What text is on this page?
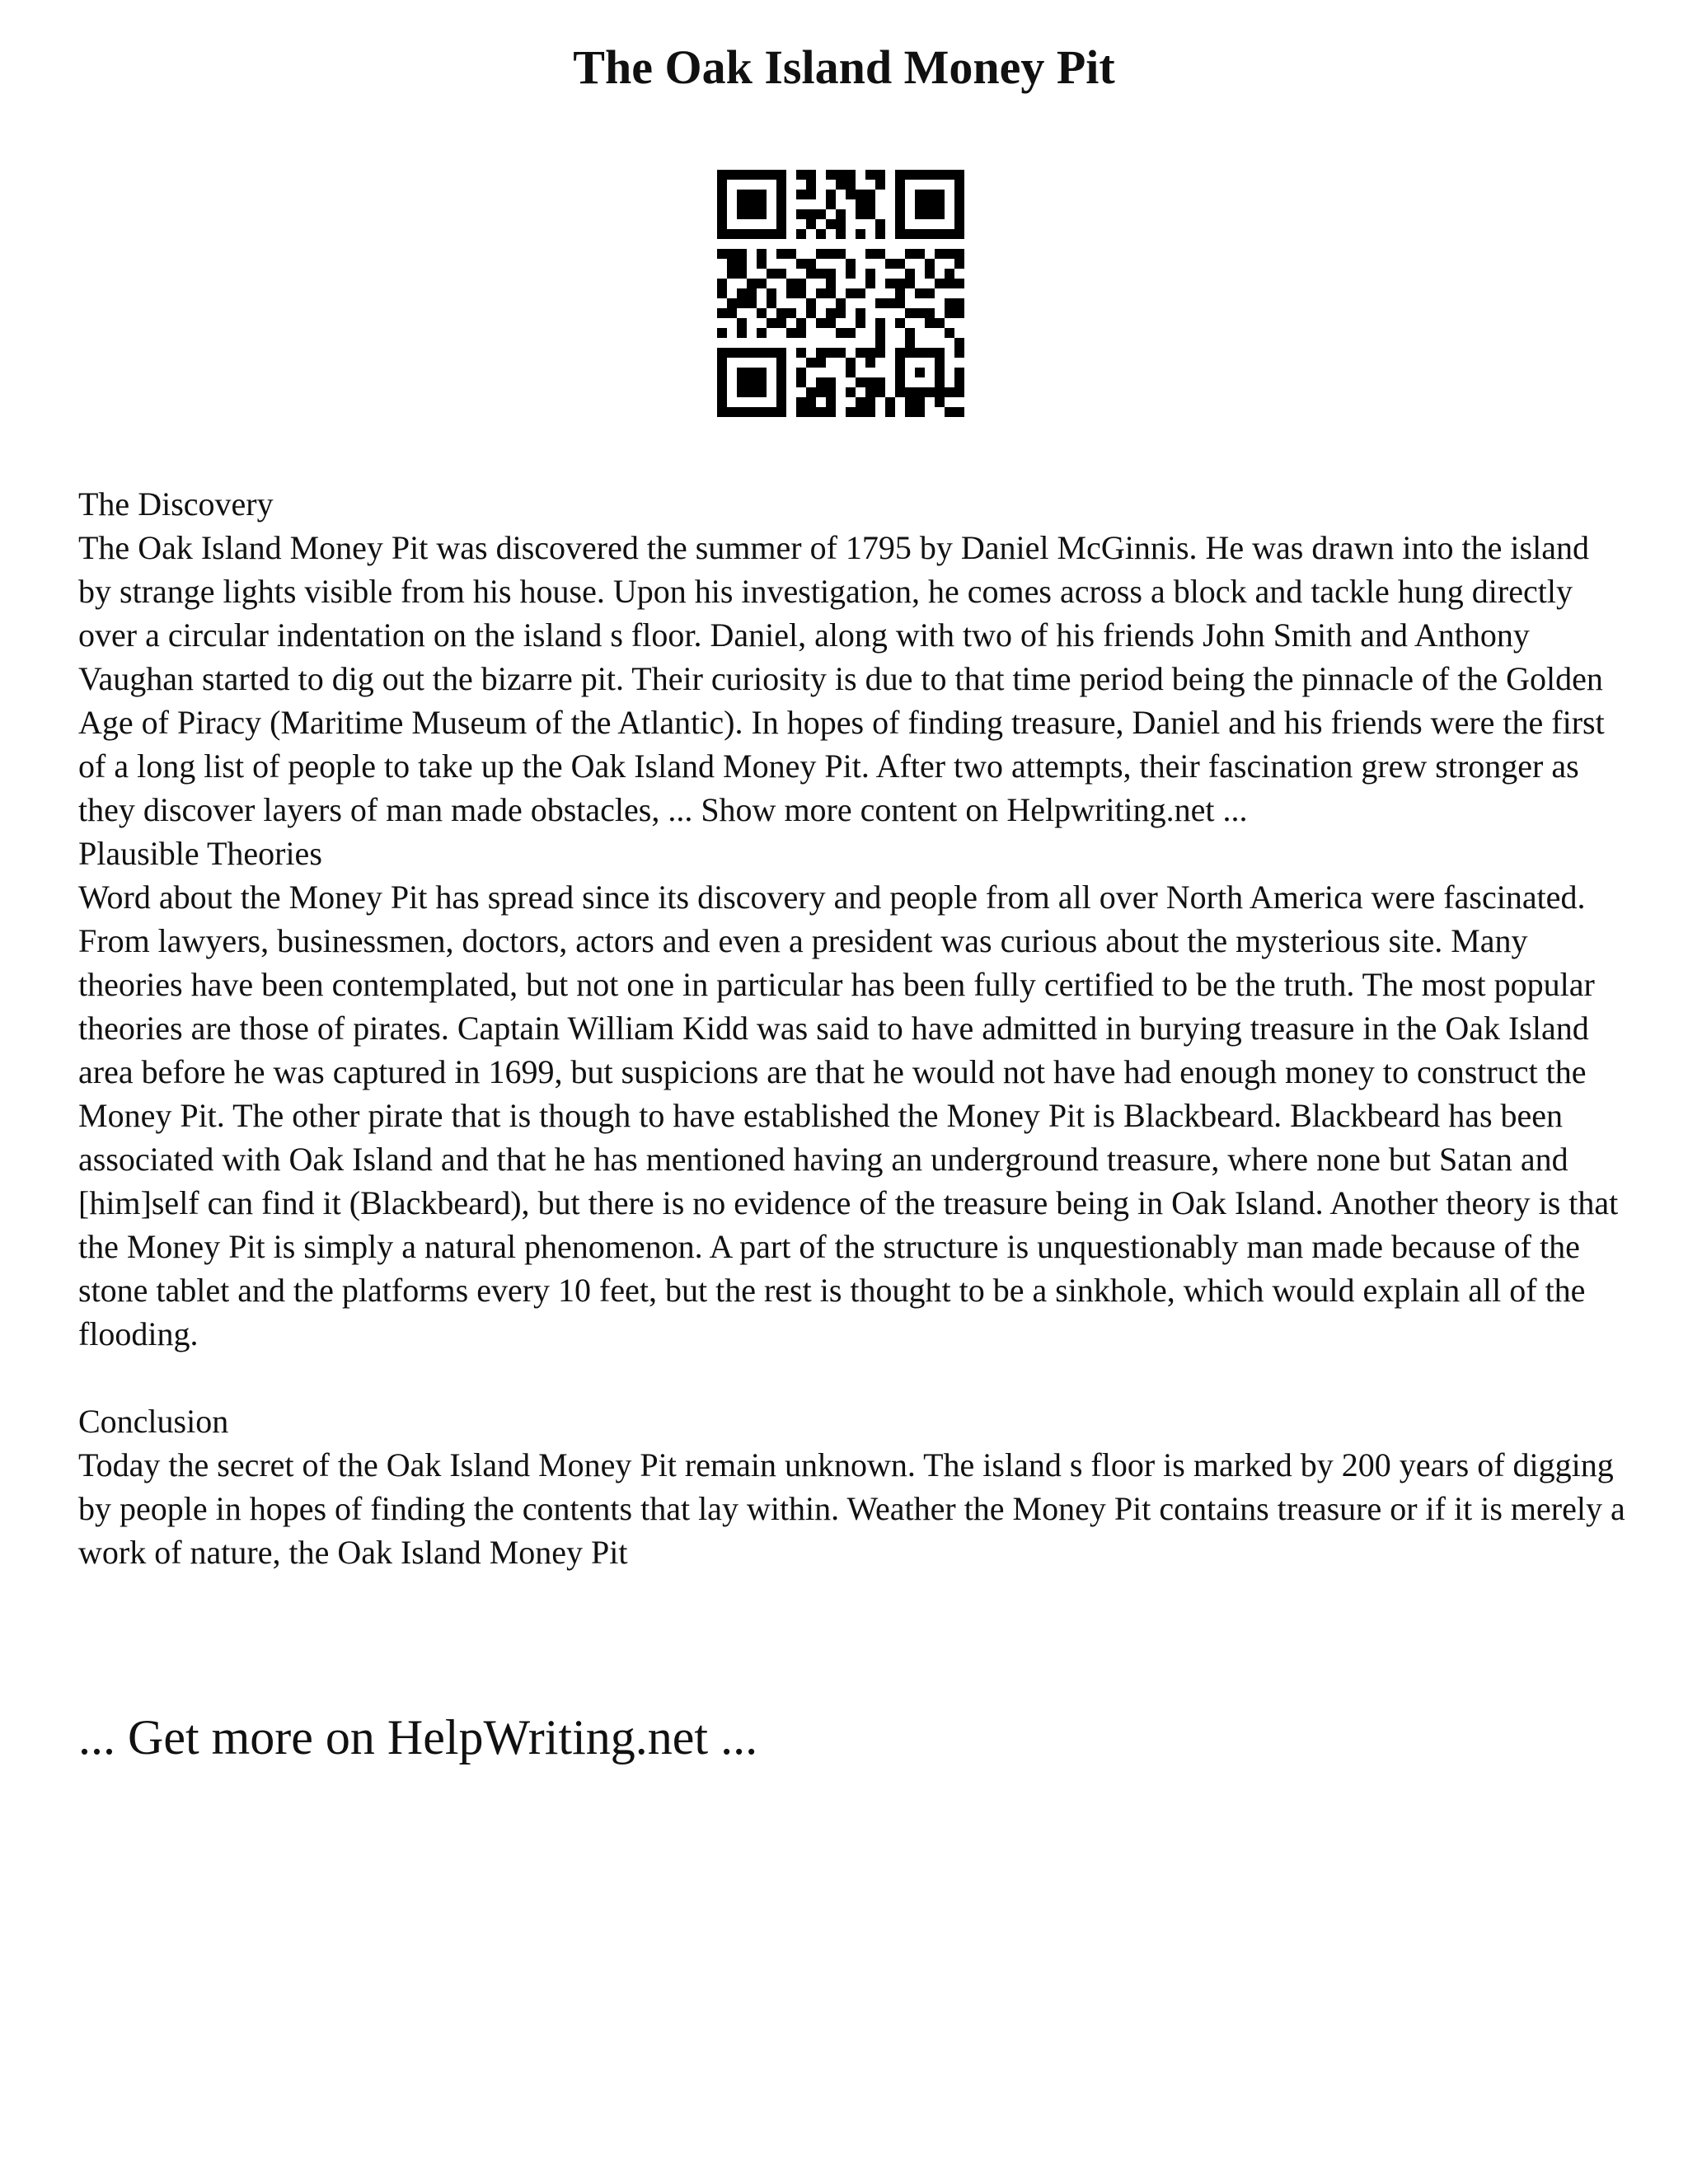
The Oak Island Money Pit

The Discovery

The Oak Island Money Pit was discovered the summer of 1795 by Daniel McGinnis. He was drawn into the island by strange lights visible from his house. Upon his investigation, he comes across a block and tackle hung directly over a circular indentation on the island s floor. Daniel, along with two of his friends John Smith and Anthony Vaughan started to dig out the bizarre pit. Their curiosity is due to that time period being the pinnacle of the Golden Age of Piracy (Maritime Museum of the Atlantic). In hopes of finding treasure, Daniel and his friends were the first of a long list of people to take up the Oak Island Money Pit. After two attempts, their fascination grew stronger as they discover layers of man made obstacles, ... Show more content on Helpwriting.net ...

Plausible Theories

Word about the Money Pit has spread since its discovery and people from all over North America were fascinated. From lawyers, businessmen, doctors, actors and even a president was curious about the mysterious site. Many theories have been contemplated, but not one in particular has been fully certified to be the truth. The most popular theories are those of pirates. Captain William Kidd was said to have admitted in burying treasure in the Oak Island area before he was captured in 1699, but suspicions are that he would not have had enough money to construct the Money Pit. The other pirate that is though to have established the Money Pit is Blackbeard. Blackbeard has been associated with Oak Island and that he has mentioned having an underground treasure, where none but Satan and [him]self can find it (Blackbeard), but there is no evidence of the treasure being in Oak Island. Another theory is that the Money Pit is simply a natural phenomenon. A part of the structure is unquestionably man made because of the stone tablet and the platforms every 10 feet, but the rest is thought to be a sinkhole, which would explain all of the flooding.

Conclusion

Today the secret of the Oak Island Money Pit remain unknown. The island s floor is marked by 200 years of digging by people in hopes of finding the contents that lay within. Weather the Money Pit contains treasure or if it is merely a work of nature, the Oak Island Money Pit

... Get more on HelpWriting.net ...
